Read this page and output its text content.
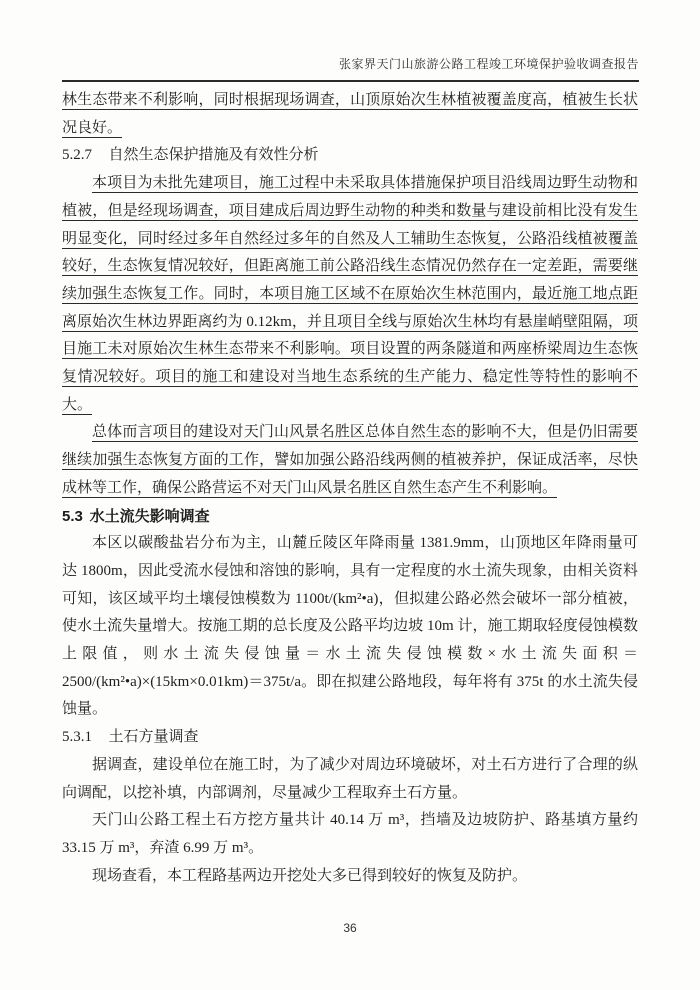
张家界天门山旅游公路工程竣工环境保护验收调查报告

林生态带来不利影响，同时根据现场调查，山顶原始次生林植被覆盖度高，植被生长状况良好。

5.2.7 自然生态保护措施及有效性分析

本项目为未批先建项目，施工过程中未采取具体措施保护项目沿线周边野生动物和植被，但是经现场调查，项目建成后周边野生动物的种类和数量与建设前相比没有发生明显变化，同时经过多年自然经过多年的自然及人工辅助生态恢复，公路沿线植被覆盖较好，生态恢复情况较好，但距离施工前公路沿线生态情况仍然存在一定差距，需要继续加强生态恢复工作。同时，本项目施工区域不在原始次生林范围内，最近施工地点距离原始次生林边界距离约为 0.12km，并且项目全线与原始次生林均有悬崖峭壁阻隔，项目施工未对原始次生林生态带来不利影响。项目设置的两条隧道和两座桥梁周边生态恢复情况较好。项目的施工和建设对当地生态系统的生产能力、稳定性等特性的影响不大。

总体而言项目的建设对天门山风景名胜区总体自然生态的影响不大，但是仍旧需要继续加强生态恢复方面的工作，譬如加强公路沿线两侧的植被养护，保证成活率，尽快成林等工作，确保公路营运不对天门山风景名胜区自然生态产生不利影响。

5.3 水土流失影响调查

本区以碳酸盐岩分布为主，山麓丘陵区年降雨量 1381.9mm，山顶地区年降雨量可达 1800m，因此受流水侵蚀和溶蚀的影响，具有一定程度的水土流失现象，由相关资料可知，该区域平均土壤侵蚀模数为 1100t/(km²•a)，但拟建公路必然会破坏一部分植被，使水土流失量增大。按施工期的总长度及公路平均边坡 10m 计，施工期取轻度侵蚀模数上限值，则水土流失侵蚀量＝水土流失侵蚀模数×水土流失面积＝2500/(km²•a)×(15km×0.01km)＝375t/a。即在拟建公路地段，每年将有 375t 的水土流失侵蚀量。

5.3.1 土石方量调查

据调查，建设单位在施工时，为了减少对周边环境破坏，对土石方进行了合理的纵向调配，以挖补填，内部调剂，尽量减少工程取弃土石方量。

天门山公路工程土石方挖方量共计 40.14 万 m³，挡墙及边坡防护、路基填方量约 33.15 万 m³，弃渣 6.99 万 m³。

现场查看，本工程路基两边开挖处大多已得到较好的恢复及防护。

36
